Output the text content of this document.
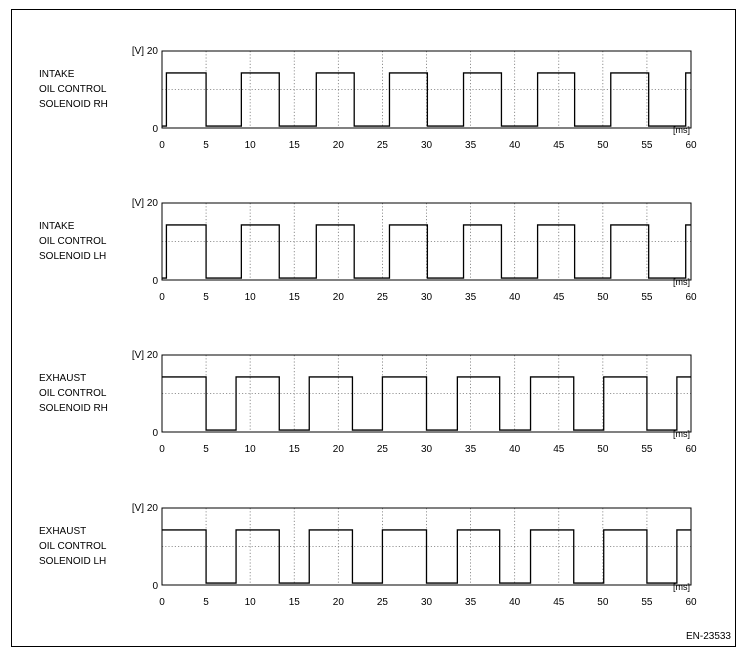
[V] 20
0
0	5	10	15	20	25	30	35	40	45	50	55	60
[ms]
INTAKE
OIL CONTROL
SOLENOID RH
[V] 20
0
0	5	10	15	20	25	30	35	40	45	50	55	60
[ms]
INTAKE
OIL CONTROL
SOLENOID LH
[V] 20
0
0	5	10	15	20	25	30	35	40	45	50	55	60
[ms]
EXHAUST
OIL CONTROL
SOLENOID RH
[V] 20
0
0	5	10	15	20	25	30	35	40	45	50	55	60
[ms]
EXHAUST
OIL CONTROL
SOLENOID LH
EN-23533
